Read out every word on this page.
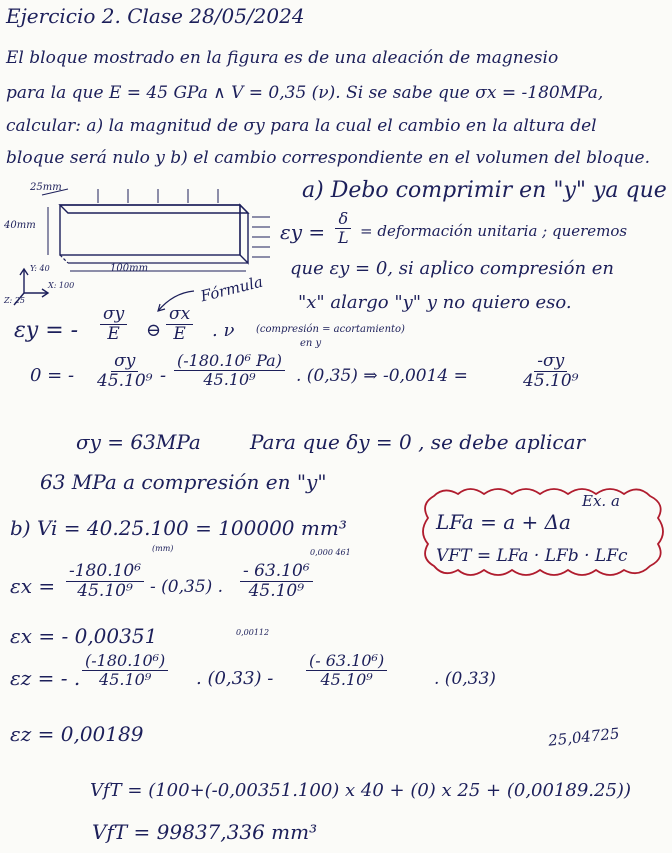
Ejercicio 2. Clase 28/05/2024
El bloque mostrado en la figura es de una aleación de magnesio
para la que E = 45 GPa ∧ V = 0,35 (ν). Si se sabe que σx = -180MPa,
calcular: a) la magnitud de σy para la cual el cambio en la altura del
bloque será nulo y b) el cambio correspondiente en el volumen del bloque.
25mm
40mm
100mm
Y: 40
X: 100
Z: 25
a) Debo comprimir en "y" ya que
$\varepsilon y = \frac{\delta}{L}$ = deformación unitaria ; queremos
que εy = 0, si aplico compresión en
"x" alargo "y" y no quiero eso.
Fórmula
εy = - $\frac{\sigma y}{E}$ ⊖ $\frac{\sigma x}{E}$ . ν (compresión = acortamiento)
en y
0 = - $\frac{\sigma y}{\text{45.10⁹}} - \frac{\text{(-180.10⁶ Pa)}}{\text{45.10⁹}}$ . (0,35) ⇒ -0,0014 =	$\frac{-\sigma y}{\text{45.10⁹}}$
σy = 63MPa Para que δy = 0 , se debe aplicar
63 MPa a compresión en "y"
Ex. a
LFa = a + Δa
VFT = LFa · LFb · LFc
b) Vi = 40.25.100 = 100000 mm³
(mm)	0,000 461
$\varepsilon x = \frac{\text{-180.10⁶}}{\text{45.10⁹}} - (0,35)$ . $\frac{\text{- 63.10⁶}}{\text{45.10⁹}}$
εx = - 0,00351	0,00112
εz = - . $\frac{\text{(-180.10⁶)}}{\text{45.10⁹}}$ . $(0,33) - \frac{\text{(- 63.10⁶)}}{\text{45.10⁹}}$	. (0,33)
εz = 0,00189	25,04725
VfT = (100+(-0,00351.100) x 40 + (0) x 25 + (0,00189.25))
VfT = 99837,336 mm³
